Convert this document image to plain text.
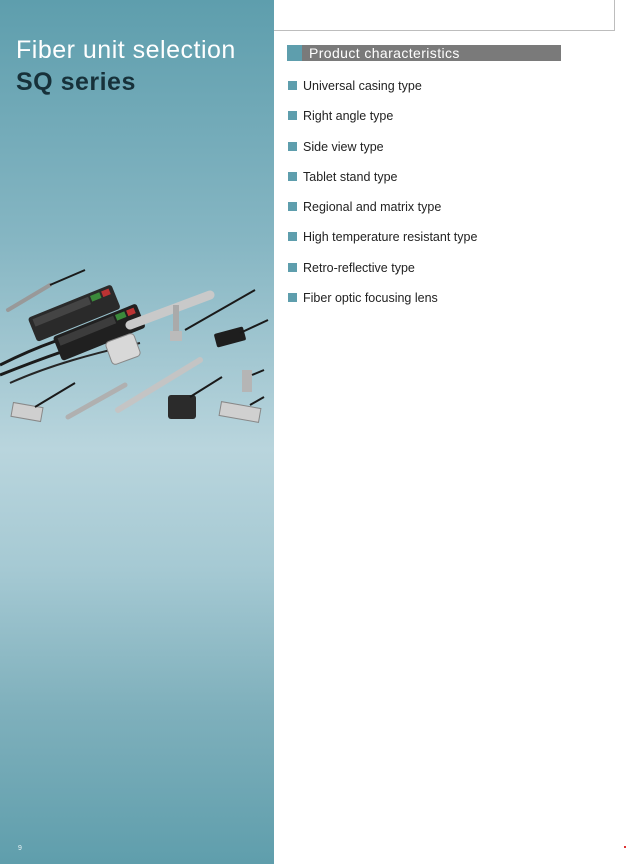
Fiber unit selection
SQ series
9
Product characteristics
Universal casing type
Right angle type
Side view type
Tablet stand type
Regional and matrix type
High temperature resistant type
Retro-reflective type
Fiber optic focusing lens
